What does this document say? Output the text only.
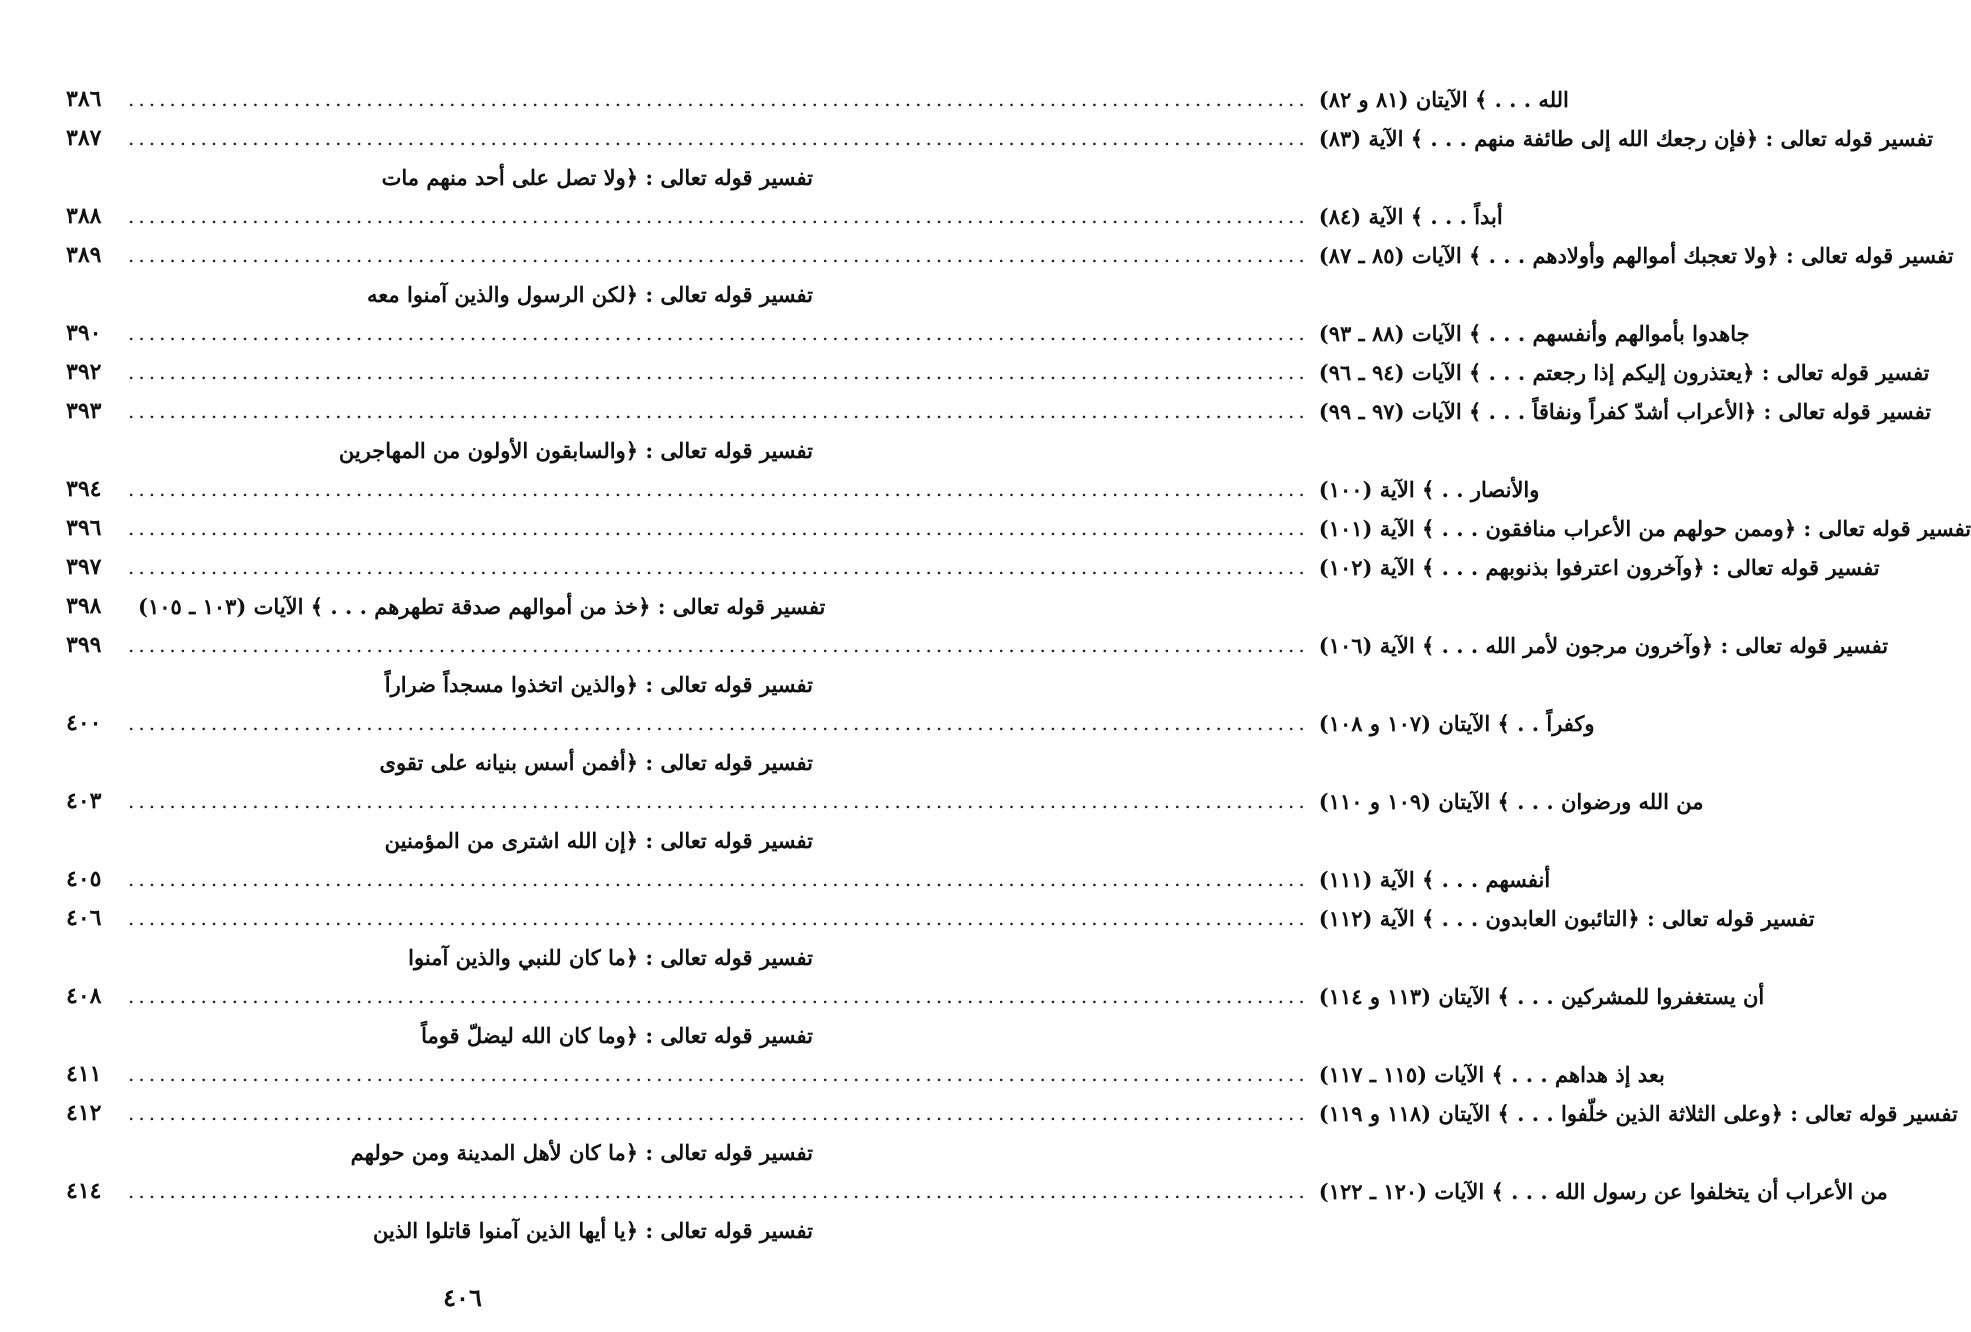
٣٨٦	.................................................................................................................. الله . . . ﴾ الآيتان (٨١ و ٨٢)
٣٨٧	.................................................................................................................. تفسير قوله تعالى : ﴿فإن رجعك الله إلى طائفة منهم . . . ﴾ الآية (٨٣)
تفسير قوله تعالى : ﴿ولا تصل على أحد منهم مات
٣٨٨	.................................................................................................................. أبداً . . . ﴾ الآية (٨٤)
٣٨٩	.................................................................................................................. تفسير قوله تعالى : ﴿ولا تعجبك أموالهم وأولادهم . . . ﴾ الآيات (٨٥ ـ ٨٧)
تفسير قوله تعالى : ﴿لكن الرسول والذين آمنوا معه
٣٩٠	.................................................................................................................. جاهدوا بأموالهم وأنفسهم . . . ﴾ الآيات (٨٨ ـ ٩٣)
٣٩٢	.................................................................................................................. تفسير قوله تعالى : ﴿يعتذرون إليكم إذا رجعتم . . . ﴾ الآيات (٩٤ ـ ٩٦)
٣٩٣	.................................................................................................................. تفسير قوله تعالى : ﴿الأعراب أشدّ كفراً ونفاقاً . . . ﴾ الآيات (٩٧ ـ ٩٩)
تفسير قوله تعالى : ﴿والسابقون الأولون من المهاجرين
٣٩٤	.................................................................................................................. والأنصار . . ﴾ الآية (١٠٠)
٣٩٦	.................................................................................................................. تفسير قوله تعالى : ﴿وممن حولهم من الأعراب منافقون . . . ﴾ الآية (١٠١)
٣٩٧	.................................................................................................................. تفسير قوله تعالى : ﴿وآخرون اعترفوا بذنوبهم . . . ﴾ الآية (١٠٢)
٣٩٨	تفسير قوله تعالى : ﴿خذ من أموالهم صدقة تطهرهم . . . ﴾ الآيات (١٠٣ ـ ١٠٥)
٣٩٩	.................................................................................................................. تفسير قوله تعالى : ﴿وآخرون مرجون لأمر الله . . . ﴾ الآية (١٠٦)
تفسير قوله تعالى : ﴿والذين اتخذوا مسجداً ضراراً
٤٠٠	.................................................................................................................. وكفراً . . ﴾ الآيتان (١٠٧ و ١٠٨)
تفسير قوله تعالى : ﴿أفمن أسس بنيانه على تقوى
٤٠٣	.................................................................................................................. من الله ورضوان . . . ﴾ الآيتان (١٠٩ و ١١٠)
تفسير قوله تعالى : ﴿إن الله اشترى من المؤمنين
٤٠٥	.................................................................................................................. أنفسهم . . . ﴾ الآية (١١١)
٤٠٦	.................................................................................................................. تفسير قوله تعالى : ﴿التائبون العابدون . . . ﴾ الآية (١١٢)
تفسير قوله تعالى : ﴿ما كان للنبي والذين آمنوا
٤٠٨	.................................................................................................................. أن يستغفروا للمشركين . . . ﴾ الآيتان (١١٣ و ١١٤)
تفسير قوله تعالى : ﴿وما كان الله ليضلّ قوماً
٤١١	.................................................................................................................. بعد إذ هداهم . . . ﴾ الآيات (١١٥ ـ ١١٧)
٤١٢	.................................................................................................................. تفسير قوله تعالى : ﴿وعلى الثلاثة الذين خلّفوا . . . ﴾ الآيتان (١١٨ و ١١٩)
تفسير قوله تعالى : ﴿ما كان لأهل المدينة ومن حولهم
٤١٤	.................................................................................................................. من الأعراب أن يتخلفوا عن رسول الله . . . ﴾ الآيات (١٢٠ ـ ١٢٢)
تفسير قوله تعالى : ﴿يا أيها الذين آمنوا قاتلوا الذين
٤٠٦
